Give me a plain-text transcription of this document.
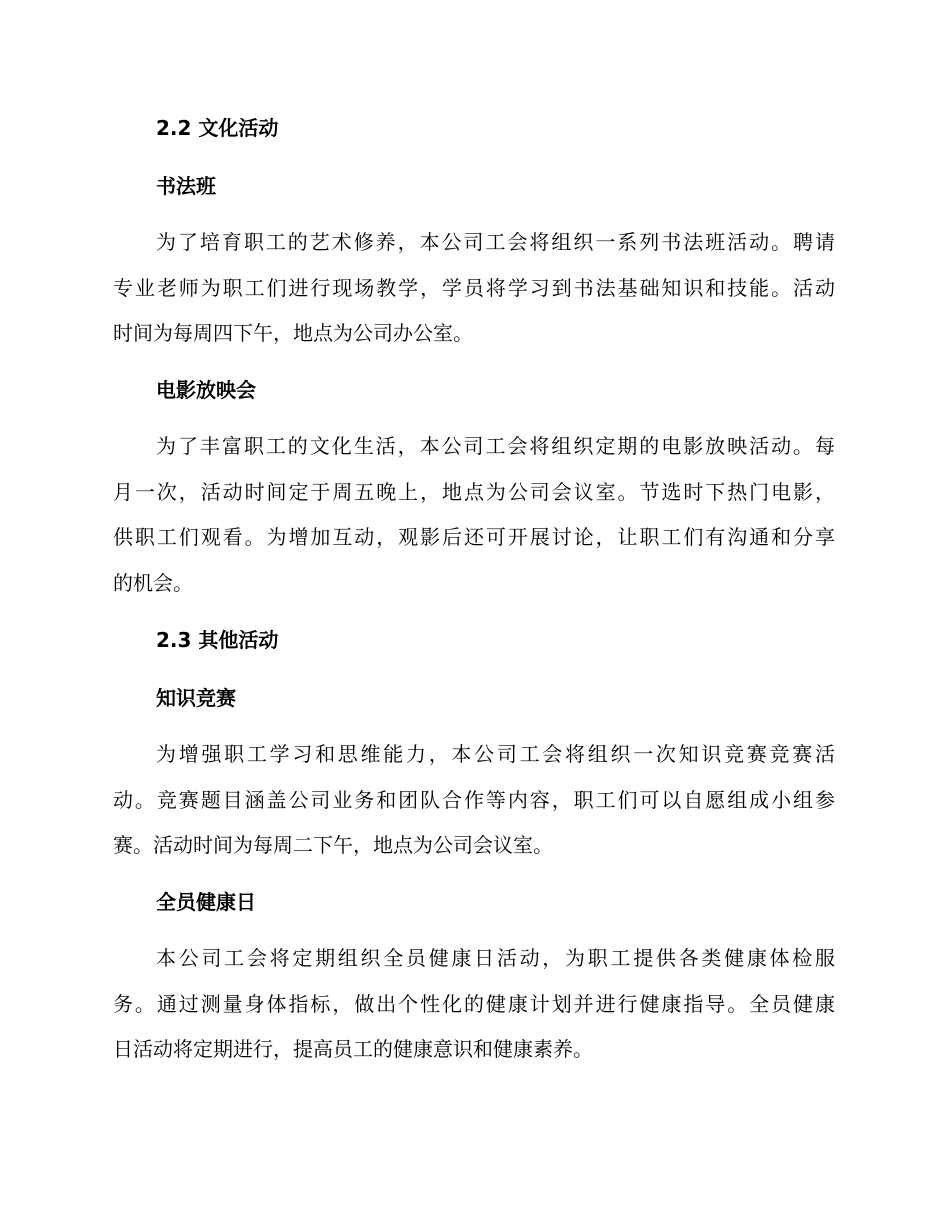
2.2 文化活动
书法班

为了培育职工的艺术修养，本公司工会将组织一系列书法班活动。聘请
专业老师为职工们进行现场教学，学员将学习到书法基础知识和技能。活动
时间为每周四下午，地点为公司办公室。

电影放映会

为了丰富职工的文化生活，本公司工会将组织定期的电影放映活动。每
月一次，活动时间定于周五晚上，地点为公司会议室。节选时下热门电影，
供职工们观看。为增加互动，观影后还可开展讨论，让职工们有沟通和分享
的机会。

2.3 其他活动
知识竞赛

为增强职工学习和思维能力，本公司工会将组织一次知识竞赛竞赛活
动。竞赛题目涵盖公司业务和团队合作等内容，职工们可以自愿组成小组参
赛。活动时间为每周二下午，地点为公司会议室。

全员健康日

本公司工会将定期组织全员健康日活动，为职工提供各类健康体检服
务。通过测量身体指标，做出个性化的健康计划并进行健康指导。全员健康
日活动将定期进行，提高员工的健康意识和健康素养。
